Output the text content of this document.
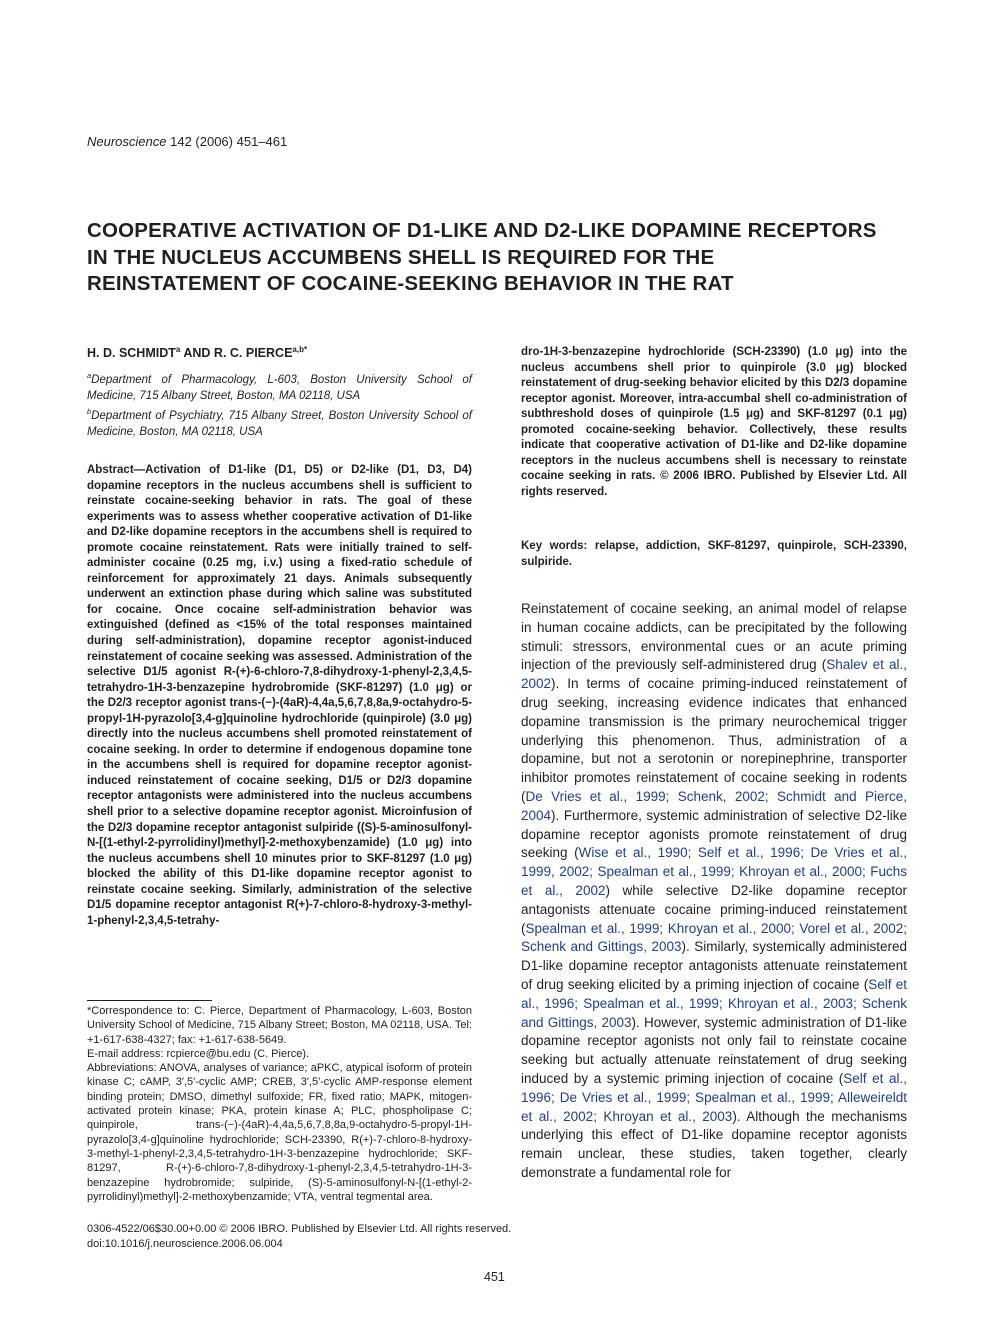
Neuroscience 142 (2006) 451–461
COOPERATIVE ACTIVATION OF D1-LIKE AND D2-LIKE DOPAMINE RECEPTORS IN THE NUCLEUS ACCUMBENS SHELL IS REQUIRED FOR THE REINSTATEMENT OF COCAINE-SEEKING BEHAVIOR IN THE RAT
H. D. SCHMIDT$^a$ AND R. C. $PIERCE^{a,b*}$
$^a$Department of Pharmacology, L-603, Boston University School of Medicine, 715 Albany Street, Boston, MA 02118, USA
$^b$Department of Psychiatry, 715 Albany Street, Boston University School of Medicine, Boston, MA 02118, USA
Abstract—Activation of D1-like (D1, D5) or D2-like (D1, D3, D4) dopamine receptors in the nucleus accumbens shell is sufficient to reinstate cocaine-seeking behavior in rats. The goal of these experiments was to assess whether cooperative activation of D1-like and D2-like dopamine receptors in the accumbens shell is required to promote cocaine reinstatement. Rats were initially trained to self-administer cocaine (0.25 mg, i.v.) using a fixed-ratio schedule of reinforcement for approximately 21 days. Animals subsequently underwent an extinction phase during which saline was substituted for cocaine. Once cocaine self-administration behavior was extinguished (defined as <15% of the total responses maintained during self-administration), dopamine receptor agonist-induced reinstatement of cocaine seeking was assessed. Administration of the selective D1/5 agonist R-(+)-6-chloro-7,8-dihydroxy-1-phenyl-2,3,4,5-tetrahydro-1H-3-benzazepine hydrobromide (SKF-81297) (1.0 μg) or the D2/3 receptor agonist trans-(−)-(4aR)-4,4a,5,6,7,8,8a,9-octahydro-5-propyl-1H-pyrazolo[3,4-g]quinoline hydrochloride (quinpirole) (3.0 μg) directly into the nucleus accumbens shell promoted reinstatement of cocaine seeking. In order to determine if endogenous dopamine tone in the accumbens shell is required for dopamine receptor agonist-induced reinstatement of cocaine seeking, D1/5 or D2/3 dopamine receptor antagonists were administered into the nucleus accumbens shell prior to a selective dopamine receptor agonist. Microinfusion of the D2/3 dopamine receptor antagonist sulpiride ((S)-5-aminosulfonyl-N-[(1-ethyl-2-pyrrolidinyl)methyl]-2-methoxybenzamide) (1.0 μg) into the nucleus accumbens shell 10 minutes prior to SKF-81297 (1.0 μg) blocked the ability of this D1-like dopamine receptor agonist to reinstate cocaine seeking. Similarly, administration of the selective D1/5 dopamine receptor antagonist R(+)-7-chloro-8-hydroxy-3-methyl-1-phenyl-2,3,4,5-tetrahy-

*Correspondence to: C. Pierce, Department of Pharmacology, L-603, Boston University School of Medicine, 715 Albany Street; Boston, MA 02118, USA. Tel: +1-617-638-4327; fax: +1-617-638-5649.

E-mail address: rcpierce@bu.edu (C. Pierce).

Abbreviations: ANOVA, analyses of variance; aPKC, atypical isoform of protein kinase C; cAMP, 3′,5′-cyclic AMP; CREB, 3′,5′-cyclic AMP-response element binding protein; DMSO, dimethyl sulfoxide; FR, fixed ratio; MAPK, mitogen-activated protein kinase; PKA, protein kinase A; PLC, phospholipase C; quinpirole, trans-(−)-(4aR)-4,4a,5,6,7,8,8a,9-octahydro-5-propyl-1H-pyrazolo[3,4-g]quinoline hydrochloride; SCH-23390, R(+)-7-chloro-8-hydroxy-3-methyl-1-phenyl-2,3,4,5-tetrahydro-1H-3-benzazepine hydrochloride; SKF-81297, R-(+)-6-chloro-7,8-dihydroxy-1-phenyl-2,3,4,5-tetrahydro-1H-3-benzazepine hydrobromide; sulpiride, (S)-5-aminosulfonyl-N-[(1-ethyl-2-pyrrolidinyl)methyl]-2-methoxybenzamide; VTA, ventral tegmental area.

dro-1H-3-benzazepine hydrochloride (SCH-23390) (1.0 μg) into the nucleus accumbens shell prior to quinpirole (3.0 μg) blocked reinstatement of drug-seeking behavior elicited by this D2/3 dopamine receptor agonist. Moreover, intra-accumbal shell co-administration of subthreshold doses of quinpirole (1.5 μg) and SKF-81297 (0.1 μg) promoted cocaine-seeking behavior. Collectively, these results indicate that cooperative activation of D1-like and D2-like dopamine receptors in the nucleus accumbens shell is necessary to reinstate cocaine seeking in rats. © 2006 IBRO. Published by Elsevier Ltd. All rights reserved.
Key words: relapse, addiction, SKF-81297, quinpirole, SCH-23390, sulpiride.
Reinstatement of cocaine seeking, an animal model of relapse in human cocaine addicts, can be precipitated by the following stimuli: stressors, environmental cues or an acute priming injection of the previously self-administered drug (Shalev et al., 2002). In terms of cocaine priming-induced reinstatement of drug seeking, increasing evidence indicates that enhanced dopamine transmission is the primary neurochemical trigger underlying this phenomenon. Thus, administration of a dopamine, but not a serotonin or norepinephrine, transporter inhibitor promotes reinstatement of cocaine seeking in rodents (De Vries et al., 1999; Schenk, 2002; Schmidt and Pierce, 2004). Furthermore, systemic administration of selective D2-like dopamine receptor agonists promote reinstatement of drug seeking (Wise et al., 1990; Self et al., 1996; De Vries et al., 1999, 2002; Spealman et al., 1999; Khroyan et al., 2000; Fuchs et al., 2002) while selective D2-like dopamine receptor antagonists attenuate cocaine priming-induced reinstatement (Spealman et al., 1999; Khroyan et al., 2000; Vorel et al., 2002; Schenk and Gittings, 2003). Similarly, systemically administered D1-like dopamine receptor antagonists attenuate reinstatement of drug seeking elicited by a priming injection of cocaine (Self et al., 1996; Spealman et al., 1999; Khroyan et al., 2003; Schenk and Gittings, 2003). However, systemic administration of D1-like dopamine receptor agonists not only fail to reinstate cocaine seeking but actually attenuate reinstatement of drug seeking induced by a systemic priming injection of cocaine (Self et al., 1996; De Vries et al., 1999; Spealman et al., 1999; Alleweireldt et al., 2002; Khroyan et al., 2003). Although the mechanisms underlying this effect of D1-like dopamine receptor agonists remain unclear, these studies, taken together, clearly demonstrate a fundamental role for
0306-4522/06$30.00+0.00 © 2006 IBRO. Published by Elsevier Ltd. All rights reserved.
doi:10.1016/j.neuroscience.2006.06.004
451
